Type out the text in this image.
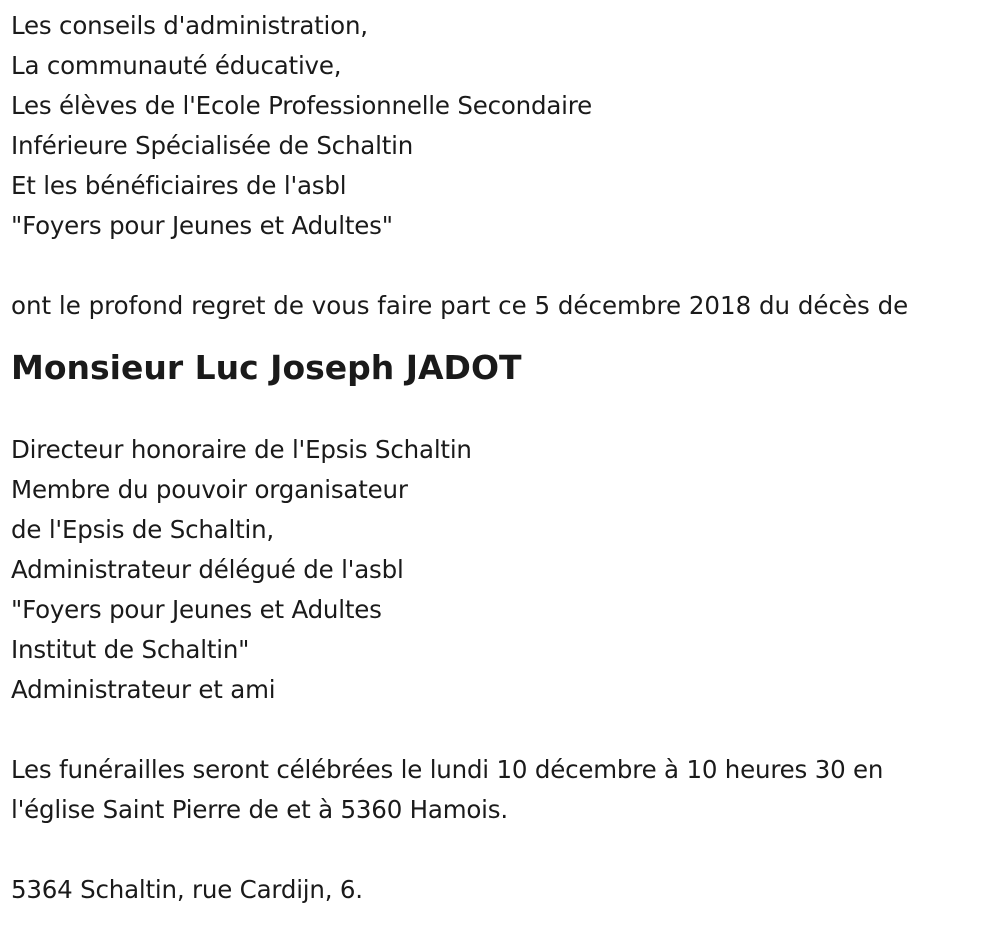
Les conseils d'administration,
La communauté éducative,
Les élèves de l'Ecole Professionnelle Secondaire
Inférieure Spécialisée de Schaltin
Et les bénéficiaires de l'asbl
"Foyers pour Jeunes et Adultes"
ont le profond regret de vous faire part ce 5 décembre 2018 du décès de
Monsieur Luc Joseph JADOT
Directeur honoraire de l'Epsis Schaltin
Membre du pouvoir organisateur
de l'Epsis de Schaltin,
Administrateur délégué de l'asbl
"Foyers pour Jeunes et Adultes
Institut de Schaltin"
Administrateur et ami
Les funérailles seront célébrées le lundi 10 décembre à 10 heures 30 en
l'église Saint Pierre de et à 5360 Hamois.
5364 Schaltin, rue Cardijn, 6.
